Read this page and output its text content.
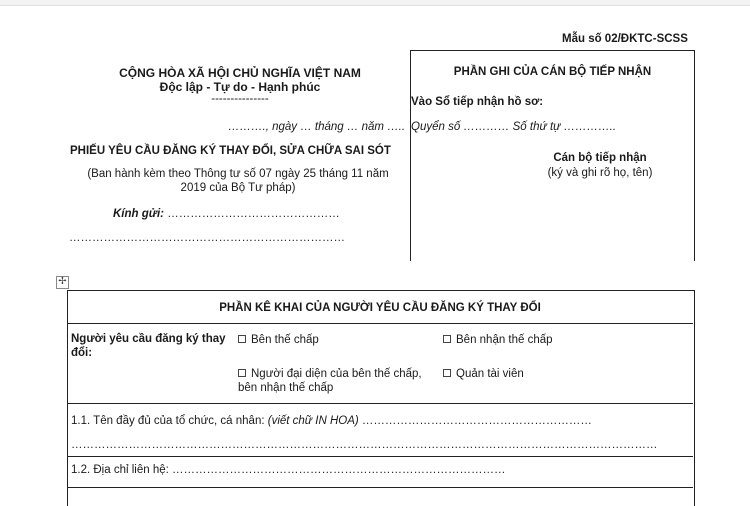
Mẫu số 02/ĐKTC-SCSS
CỘNG HÒA XÃ HỘI CHỦ NGHĨA VIỆT NAM
Độc lập - Tự do - Hạnh phúc
---------------
………., ngày … tháng … năm …..
PHIẾU YÊU CẦU ĐĂNG KÝ THAY ĐỔI, SỬA CHỮA SAI SÓT
(Ban hành kèm theo Thông tư số 07 ngày 25 tháng 11 năm
2019 của Bộ Tư pháp)
Kính gửi: ………………………………………
………………………………………………………………
PHẦN GHI CỦA CÁN BỘ TIẾP NHẬN
Vào Sổ tiếp nhận hồ sơ:
Quyển số ………… Số thứ tự …………..
Cán bộ tiếp nhận
(ký và ghi rõ họ, tên)
✢
PHẦN KÊ KHAI CỦA NGƯỜI YÊU CẦU ĐĂNG KÝ THAY ĐỔI
Người yêu cầu đăng ký thay
đổi:
Bên thế chấp	Bên nhận thế chấp
Người đại diện của bên thế chấp,
bên nhận thế chấp
Quản tài viên
1.1. Tên đầy đủ của tổ chức, cá nhân: (viết chữ IN HOA) ……………………………………………………
………………………………………………………………………………………………………………………………………
1.2. Địa chỉ liên hệ: ……………………………………………………………………………
